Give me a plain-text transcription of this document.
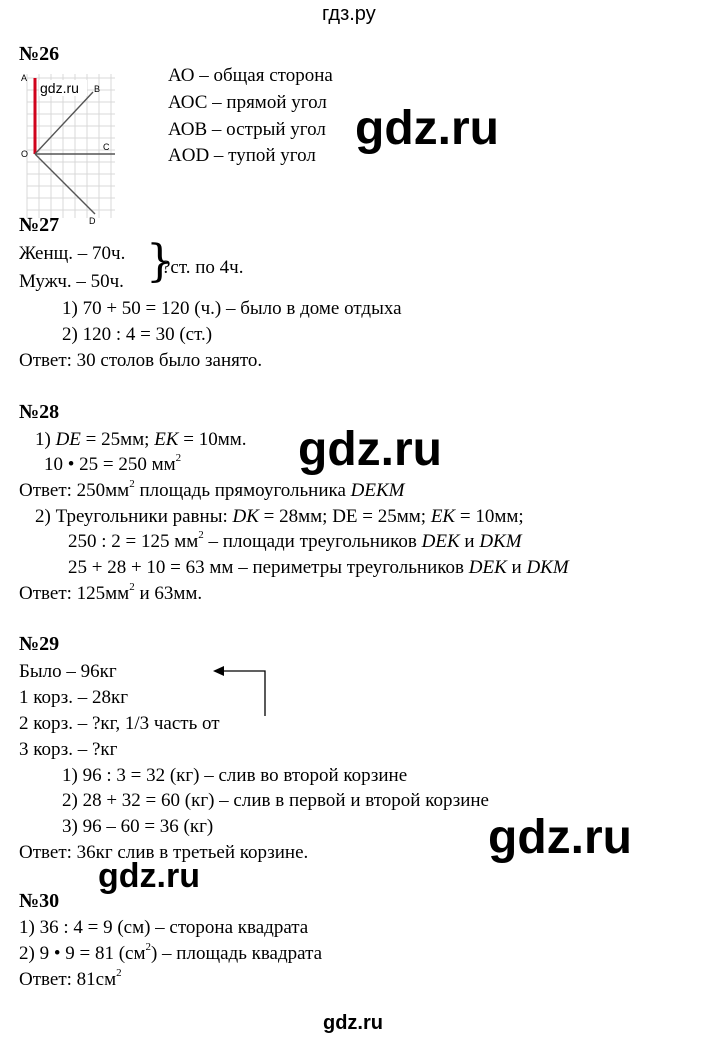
гдз.ру
№26
A
B
O
C
D
gdz.ru
АО – общая сторона
АОС – прямой угол
АОВ – острый угол
AOD – тупой угол
№27
Женщ. – 70ч.
Мужч. – 50ч. }
?ст. по 4ч.
1) 70 + 50 = 120 (ч.) – было в доме отдыха
2) 120 : 4 = 30 (ст.)
Ответ: 30 столов было занято.
№28
1) DE = 25мм; EK = 10мм.
10 • 25 = 250 $мм^2$
Ответ: $250мм^2$ площадь прямоугольника DEKM
2) Треугольники равны: DK = 28мм; DE = 25мм; EK = 10мм;
250 : 2 = 125 $мм^2$ – площади треугольников DEK и DKM
25 + 28 + 10 = 63 мм – периметры треугольников DEK и DKM
Ответ: $125мм^2$ и 63мм.
№29
Было – 96кг
1 корз. – 28кг
2 корз. – ?кг, 1/3 часть от
3 корз. – ?кг
1) 96 : 3 = 32 (кг) – слив во второй корзине
2) 28 + 32 = 60 (кг) – слив в первой и второй корзине
3) 96 – 60 = 36 (кг)
Ответ: 36кг слив в третьей корзине.
№30
1) 36 : 4 = 9 (см) – сторона квадрата
2) 9 • 9 = 81 $(см^2)$ – площадь квадрата
Ответ: $81см^2$
gdz.ru
gdz.ru
gdz.ru
gdz.ru
gdz.ru
